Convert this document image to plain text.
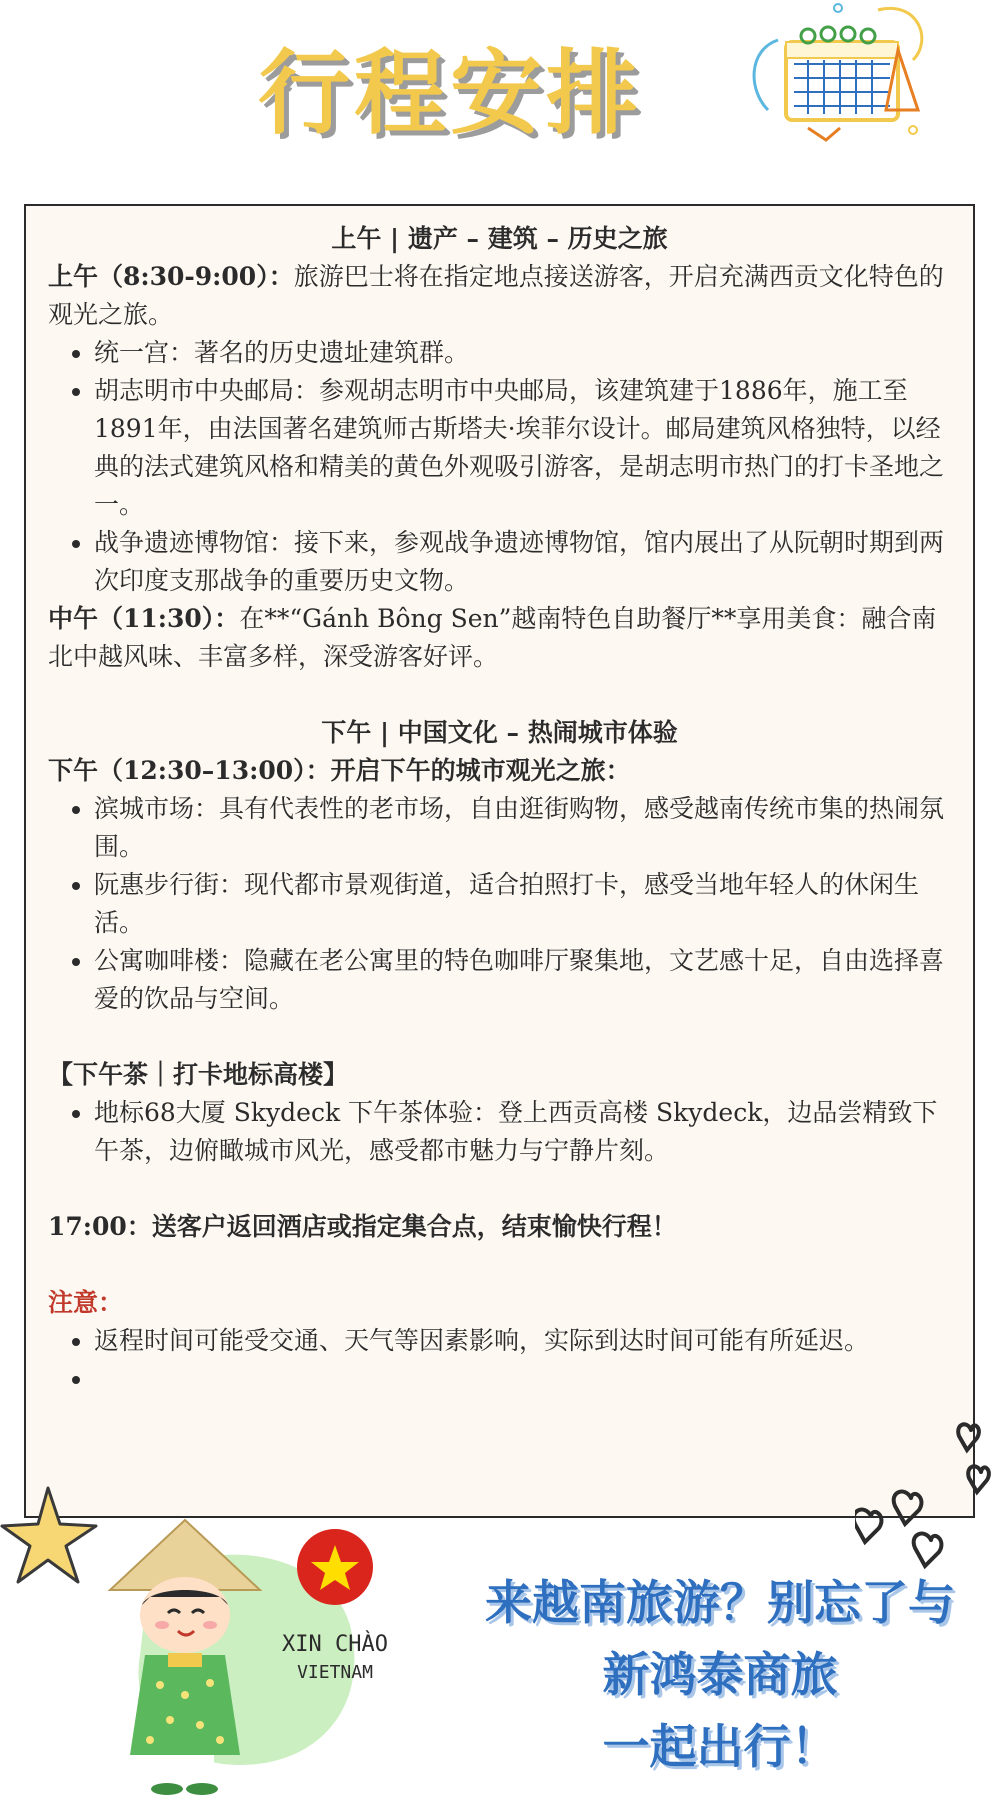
行程安排

上午 | 遗产 – 建筑 – 历史之旅

上午（8:30-9:00）：旅游巴士将在指定地点接送游客，开启充满西贡文化特色的观光之旅。

• 统一宫：著名的历史遗址建筑群。
• 胡志明市中央邮局：参观胡志明市中央邮局，该建筑建于1886年，施工至1891年，由法国著名建筑师古斯塔夫·埃菲尔设计。邮局建筑风格独特，以经典的法式建筑风格和精美的黄色外观吸引游客，是胡志明市热门的打卡圣地之一。
• 战争遗迹博物馆：接下来，参观战争遗迹博物馆，馆内展出了从阮朝时期到两次印度支那战争的重要历史文物。

中午（11:30）：在**“Gánh Bông Sen”越南特色自助餐厅**享用美食：融合南北中越风味、丰富多样，深受游客好评。

下午 | 中国文化 – 热闹城市体验

下午（12:30–13:00）：开启下午的城市观光之旅：

• 滨城市场：具有代表性的老市场，自由逛街购物，感受越南传统市集的热闹氛围。
• 阮惠步行街：现代都市景观街道，适合拍照打卡，感受当地年轻人的休闲生活。
• 公寓咖啡楼：隐藏在老公寓里的特色咖啡厅聚集地，文艺感十足，自由选择喜爱的饮品与空间。

【下午茶｜打卡地标高楼】

• 地标68大厦 Skydeck 下午茶体验：登上西贡高楼 Skydeck，边品尝精致下午茶，边俯瞰城市风光，感受都市魅力与宁静片刻。

17:00：送客户返回酒店或指定集合点，结束愉快行程！

注意：

• 返程时间可能受交通、天气等因素影响，实际到达时间可能有所延迟。
•
XIN CHÀO
VIETNAM
来越南旅游？别忘了与
新鸿泰商旅
一起出行！
